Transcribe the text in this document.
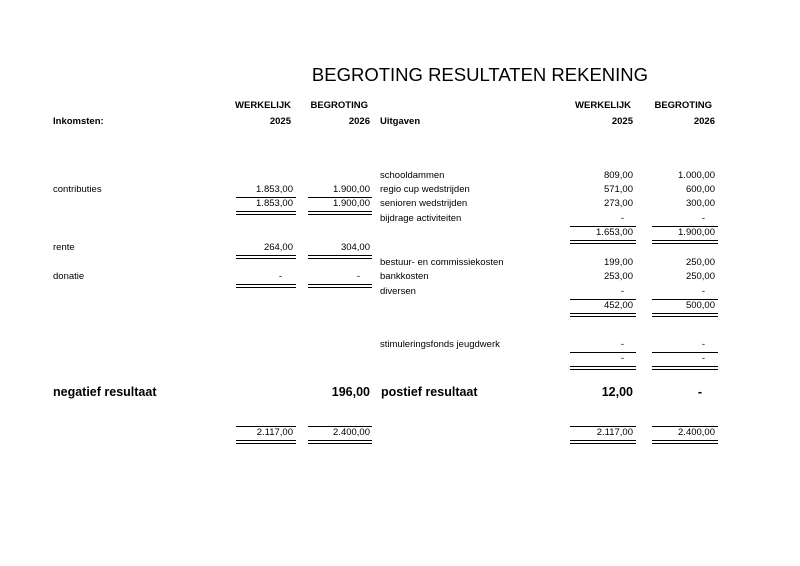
BEGROTING RESULTATEN REKENING
WERKELIJK	BEGROTING	WERKELIJK	BEGROTING
Inkomsten:	2025	2026 Uitgaven	2025	2026
contributies	1.853,00	1.900,00
1.853,00	1.900,00
rente	264,00	304,00
donatie	-	-
schooldammen	809,00	1.000,00
regio cup wedstrijden	571,00	600,00
senioren wedstrijden	273,00	300,00
bijdrage activiteiten	-	-
1.653,00	1.900,00
bestuur- en commissiekosten	199,00	250,00
bankkosten	253,00	250,00
diversen	-	-
452,00	500,00
stimuleringsfonds jeugdwerk	-	-
-	-
negatief resultaat	196,00 postief resultaat	12,00	-
2.117,00	2.400,00	2.117,00	2.400,00
